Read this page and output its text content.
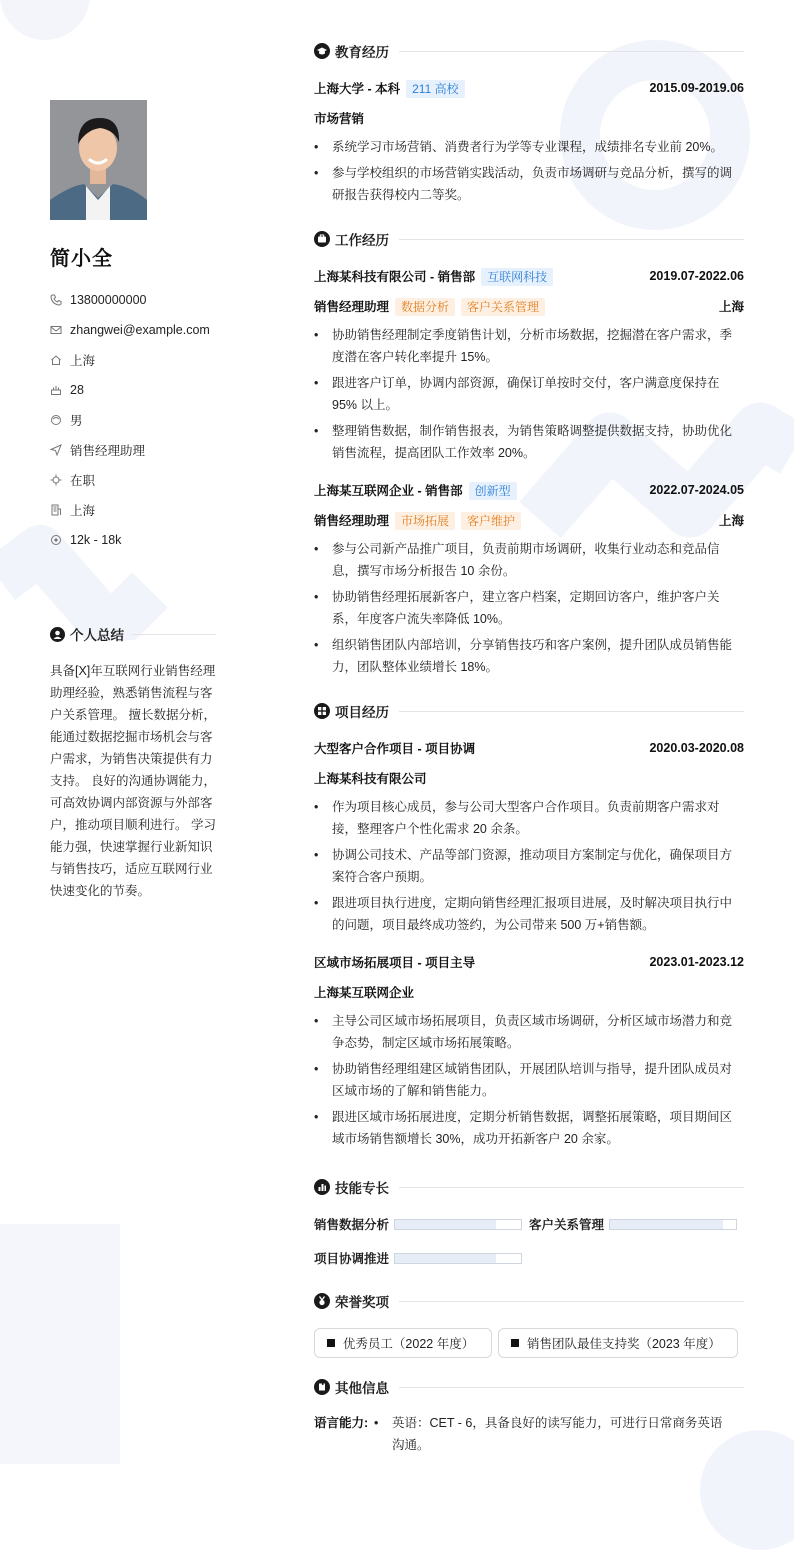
简小全
13800000000
zhangwei@example.com
上海
28
男
销售经理助理
在职
上海
12k - 18k
个人总结
具备[X]年互联网行业销售经理助理经验，熟悉销售流程与客户关系管理。 擅长数据分析，能通过数据挖掘市场机会与客户需求，为销售决策提供有力支持。 良好的沟通协调能力，可高效协调内部资源与外部客户，推动项目顺利进行。 学习能力强，快速掌握行业新知识与销售技巧，适应互联网行业快速变化的节奏。
教育经历
上海大学 - 本科 211 高校	2015.09-2019.06
市场营销
• 系统学习市场营销、消费者行为学等专业课程，成绩排名专业前 20%。
• 参与学校组织的市场营销实践活动，负责市场调研与竞品分析，撰写的调研报告获得校内二等奖。
工作经历
上海某科技有限公司 - 销售部 互联网科技	2019.07-2022.06
销售经理助理 数据分析 客户关系管理	上海
• 协助销售经理制定季度销售计划，分析市场数据，挖掘潜在客户需求，季度潜在客户转化率提升 15%。
• 跟进客户订单，协调内部资源，确保订单按时交付，客户满意度保持在 95% 以上。
• 整理销售数据，制作销售报表，为销售策略调整提供数据支持，协助优化销售流程，提高团队工作效率 20%。
上海某互联网企业 - 销售部 创新型	2022.07-2024.05
销售经理助理 市场拓展 客户维护	上海
• 参与公司新产品推广项目，负责前期市场调研，收集行业动态和竞品信息，撰写市场分析报告 10 余份。
• 协助销售经理拓展新客户，建立客户档案，定期回访客户，维护客户关系，年度客户流失率降低 10%。
• 组织销售团队内部培训，分享销售技巧和客户案例，提升团队成员销售能力，团队整体业绩增长 18%。
项目经历
大型客户合作项目 - 项目协调	2020.03-2020.08
上海某科技有限公司
• 作为项目核心成员，参与公司大型客户合作项目。负责前期客户需求对接，整理客户个性化需求 20 余条。
• 协调公司技术、产品等部门资源，推动项目方案制定与优化，确保项目方案符合客户预期。
• 跟进项目执行进度，定期向销售经理汇报项目进展，及时解决项目执行中的问题，项目最终成功签约，为公司带来 500 万+销售额。
区域市场拓展项目 - 项目主导	2023.01-2023.12
上海某互联网企业
• 主导公司区域市场拓展项目，负责区域市场调研，分析区域市场潜力和竞争态势，制定区域市场拓展策略。
• 协助销售经理组建区域销售团队，开展团队培训与指导，提升团队成员对区域市场的了解和销售能力。
• 跟进区域市场拓展进度，定期分析销售数据，调整拓展策略，项目期间区域市场销售额增长 30%，成功开拓新客户 20 余家。
技能专长
销售数据分析	客户关系管理
项目协调推进
荣誉奖项
优秀员工（2022 年度）	销售团队最佳支持奖（2023 年度）
其他信息
语言能力:
•	英语：CET - 6，具备良好的读写能力，可进行日常商务英语沟通。
